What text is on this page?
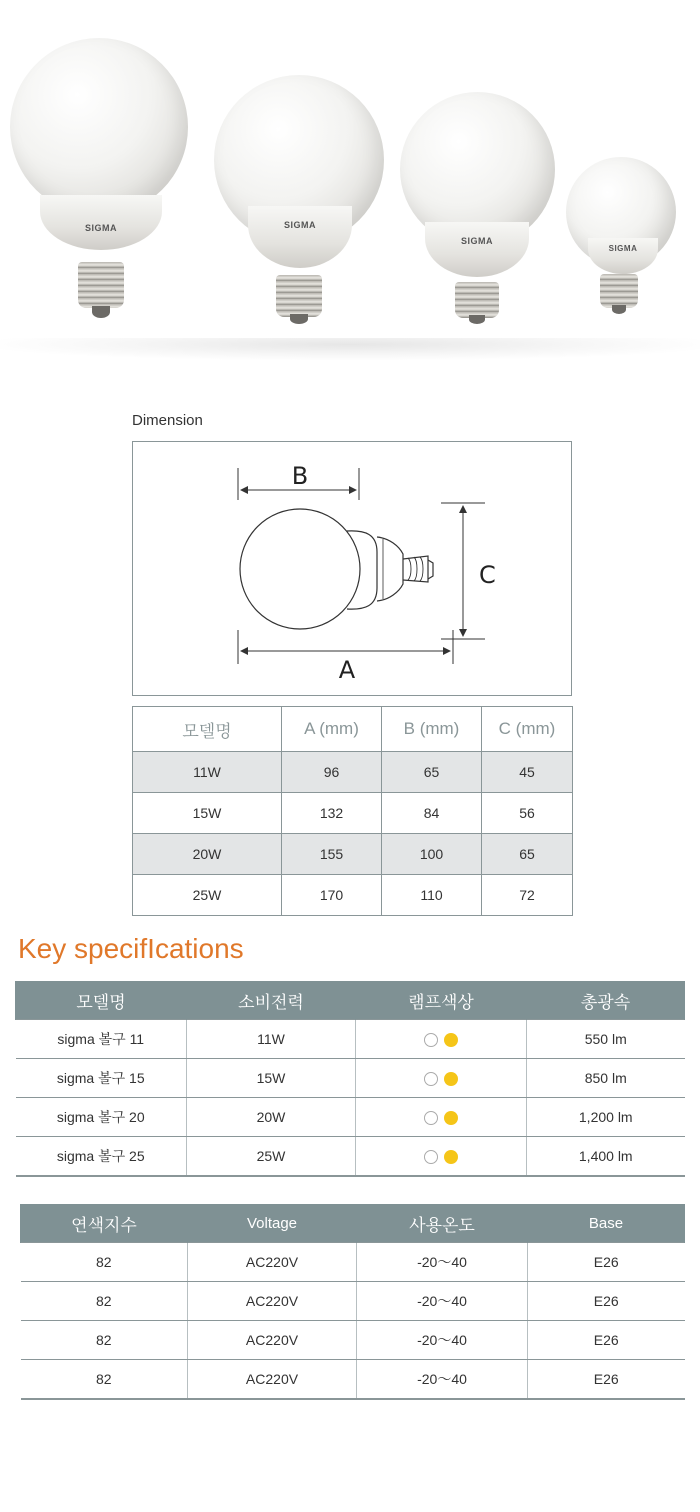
SIGMA	SIGMA
SIGMA
SIGMA
Dimension
B
A
C
모델명	A (mm)	B (mm)	C (mm)
11W	96	65	45
15W	132	84	56
20W	155	100	65
25W	170	110	72
Key specifIcations
모델명	소비전력	램프색상	총광속
sigma 볼구 11	11W		550 lm
sigma 볼구 15	15W		850 lm
sigma 볼구 20	20W		1,200 lm
sigma 볼구 25	25W		1,400 lm
연색지수	Voltage	사용온도	Base
82	AC220V	-20～40	E26
82	AC220V	-20～40	E26
82	AC220V	-20～40	E26
82	AC220V	-20～40	E26
